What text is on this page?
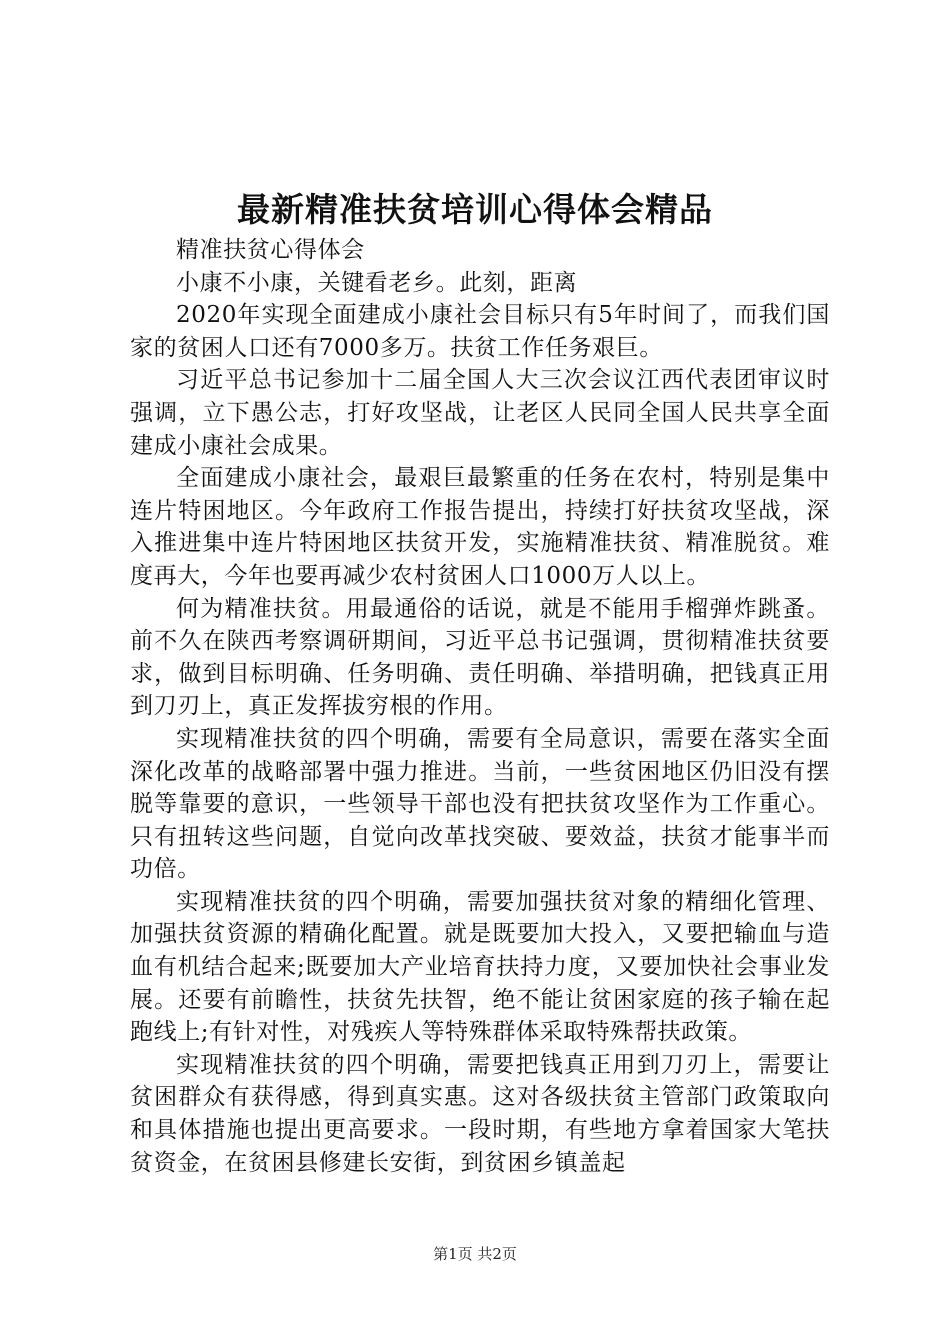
最新精准扶贫培训心得体会精品

精准扶贫心得体会

小康不小康，关键看老乡。此刻，距离

2020年实现全面建成小康社会目标只有5年时间了，而我们国家的贫困人口还有7000多万。扶贫工作任务艰巨。

习近平总书记参加十二届全国人大三次会议江西代表团审议时强调，立下愚公志，打好攻坚战，让老区人民同全国人民共享全面建成小康社会成果。

全面建成小康社会，最艰巨最繁重的任务在农村，特别是集中连片特困地区。今年政府工作报告提出，持续打好扶贫攻坚战，深入推进集中连片特困地区扶贫开发，实施精准扶贫、精准脱贫。难度再大，今年也要再减少农村贫困人口1000万人以上。

何为精准扶贫。用最通俗的话说，就是不能用手榴弹炸跳蚤。前不久在陕西考察调研期间，习近平总书记强调，贯彻精准扶贫要求，做到目标明确、任务明确、责任明确、举措明确，把钱真正用到刀刃上，真正发挥拔穷根的作用。

实现精准扶贫的四个明确，需要有全局意识，需要在落实全面深化改革的战略部署中强力推进。当前，一些贫困地区仍旧没有摆脱等靠要的意识，一些领导干部也没有把扶贫攻坚作为工作重心。只有扭转这些问题，自觉向改革找突破、要效益，扶贫才能事半而功倍。

实现精准扶贫的四个明确，需要加强扶贫对象的精细化管理、加强扶贫资源的精确化配置。就是既要加大投入，又要把输血与造血有机结合起来;既要加大产业培育扶持力度，又要加快社会事业发展。还要有前瞻性，扶贫先扶智，绝不能让贫困家庭的孩子输在起跑线上;有针对性，对残疾人等特殊群体采取特殊帮扶政策。

实现精准扶贫的四个明确，需要把钱真正用到刀刃上，需要让贫困群众有获得感，得到真实惠。这对各级扶贫主管部门政策取向和具体措施也提出更高要求。一段时期，有些地方拿着国家大笔扶贫资金，在贫困县修建长安街，到贫困乡镇盖起

第1页 共2页
